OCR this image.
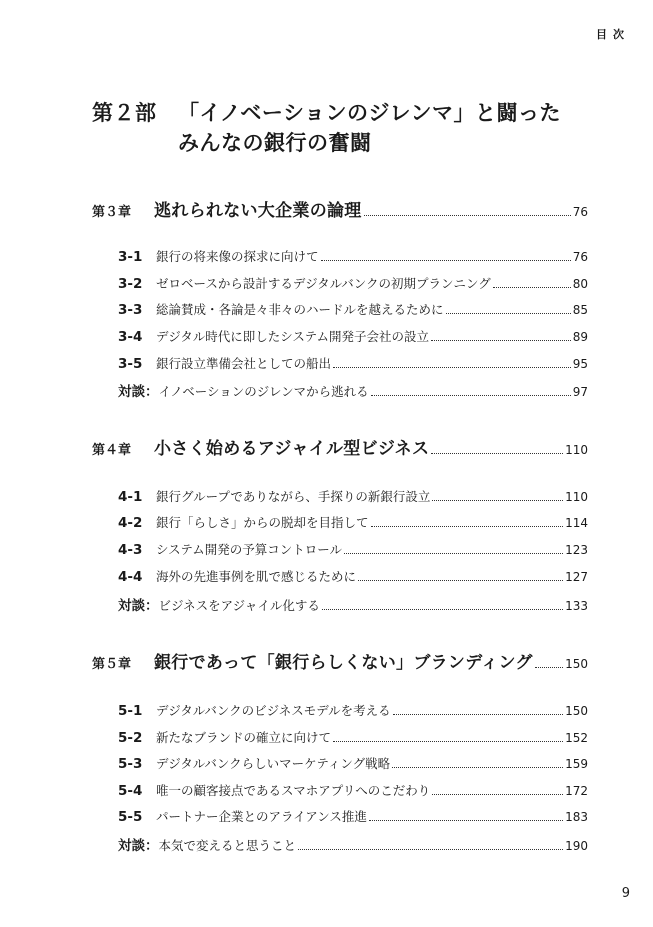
目次
第２部 「イノベーションのジレンマ」と闘った
みんなの銀行の奮闘
第３章	逃れられない大企業の論理	76
3-1	銀行の将来像の探求に向けて	76
3-2	ゼロベースから設計するデジタルバンクの初期プランニング	80
3-3	総論賛成・各論是々非々のハードルを越えるために	85
3-4	デジタル時代に即したシステム開発子会社の設立	89
3-5	銀行設立準備会社としての船出	95
対談： イノベーションのジレンマから逃れる	97
第４章	小さく始めるアジャイル型ビジネス	110
4-1	銀行グループでありながら、手探りの新銀行設立	110
4-2	銀行「らしさ」からの脱却を目指して	114
4-3	システム開発の予算コントロール	123
4-4	海外の先進事例を肌で感じるために	127
対談： ビジネスをアジャイル化する	133
第５章	銀行であって「銀行らしくない」ブランディング	150
5-1	デジタルバンクのビジネスモデルを考える	150
5-2	新たなブランドの確立に向けて	152
5-3	デジタルバンクらしいマーケティング戦略	159
5-4	唯一の顧客接点であるスマホアプリへのこだわり	172
5-5	パートナー企業とのアライアンス推進	183
対談： 本気で変えると思うこと	190
9
